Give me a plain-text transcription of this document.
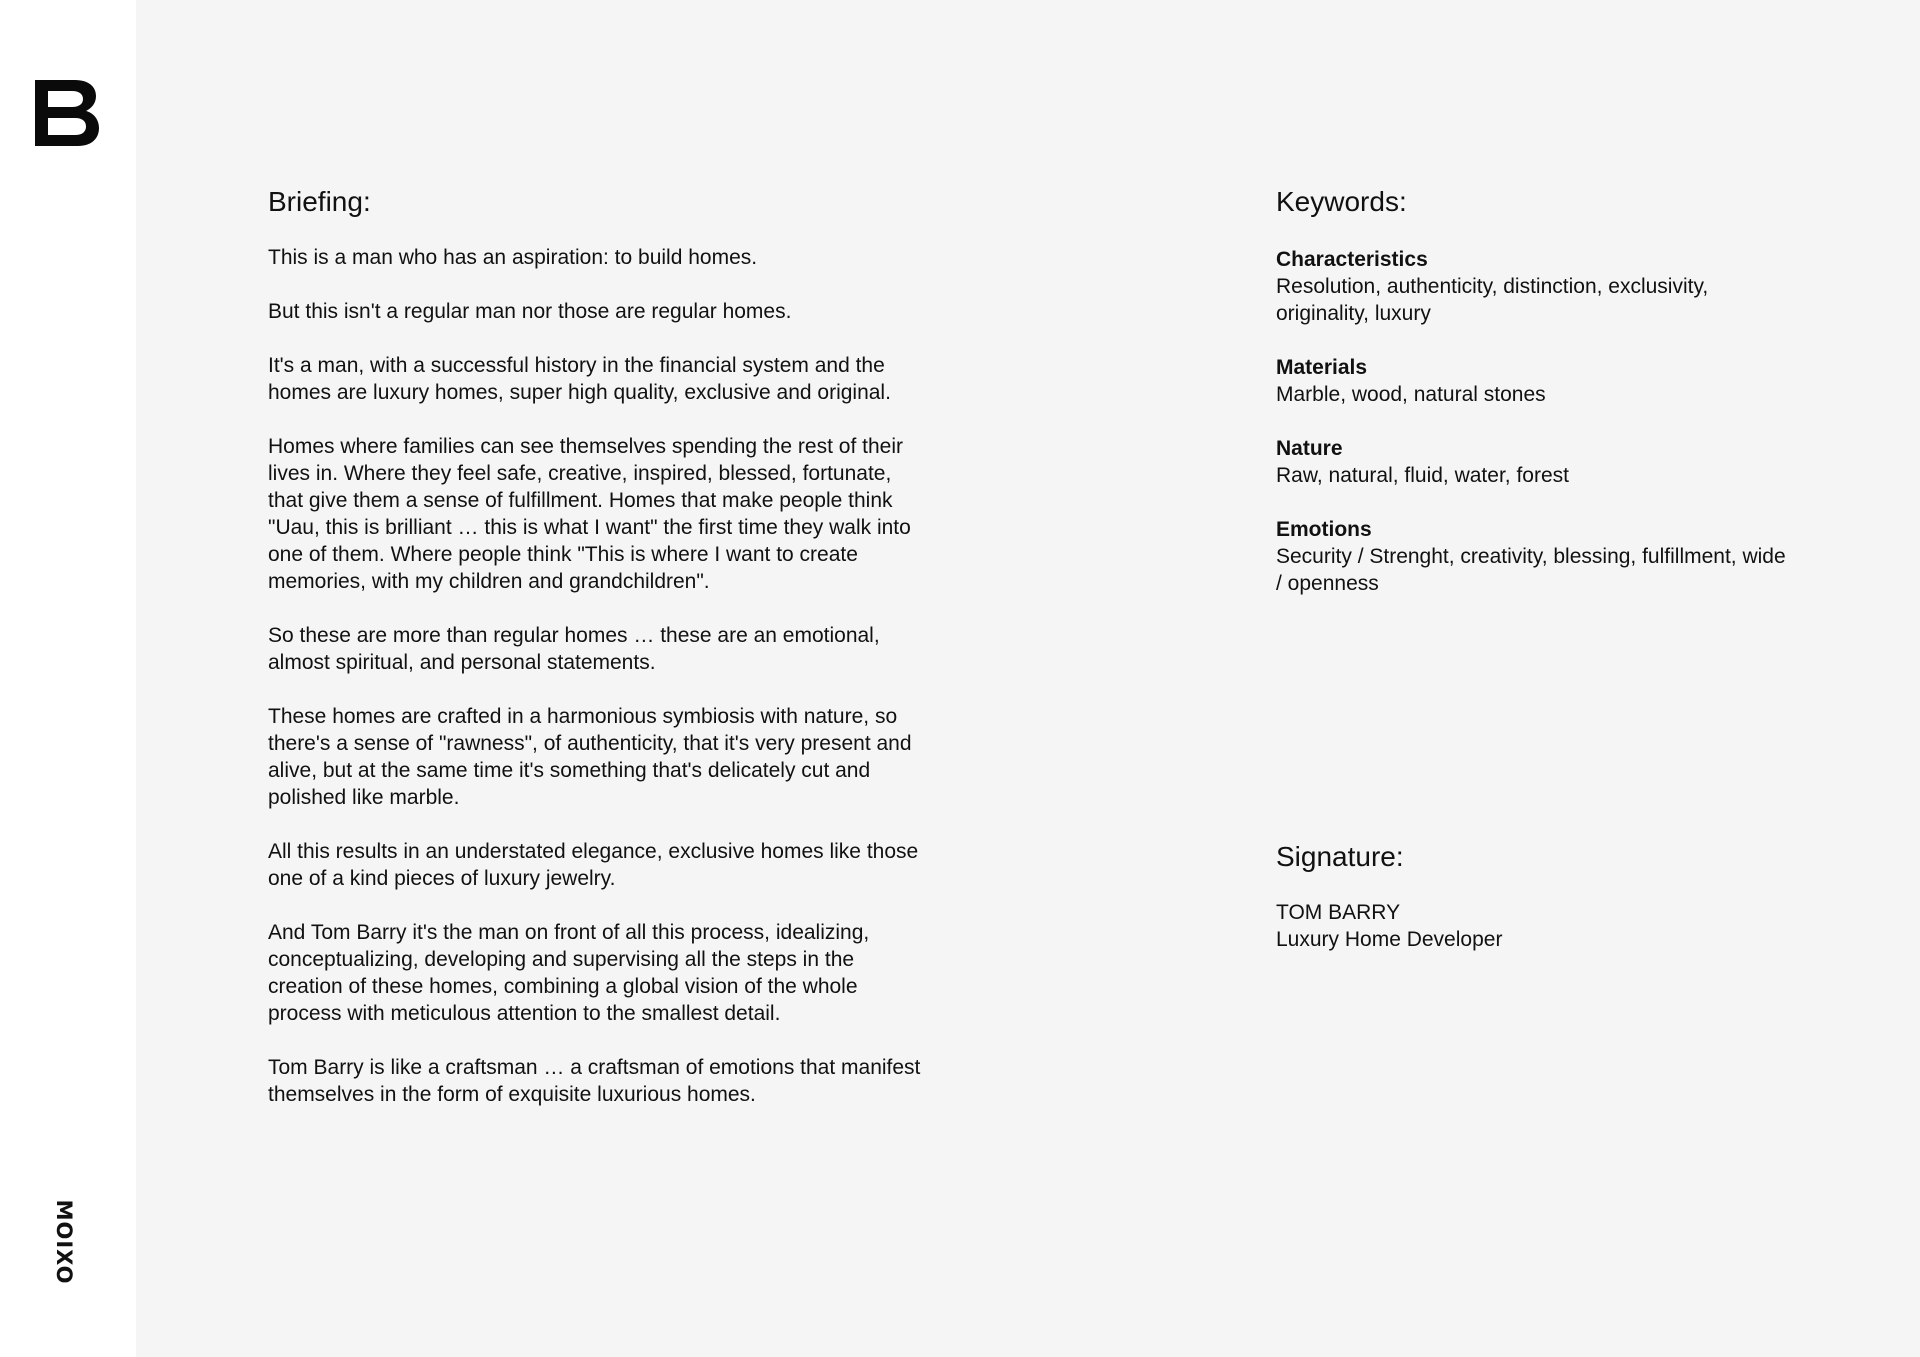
MOIXO
Briefing:

This is a man who has an aspiration: to build homes.

But this isn't a regular man nor those are regular homes.

It's a man, with a successful history in the financial system and the homes are luxury homes, super high quality, exclusive and original.

Homes where families can see themselves spending the rest of their lives in. Where they feel safe, creative, inspired, blessed, fortunate, that give them a sense of fulfillment. Homes that make people think "Uau, this is brilliant … this is what I want" the first time they walk into one of them. Where people think "This is where I want to create memories, with my children and grandchildren".

So these are more than regular homes … these are an emotional, almost spiritual, and personal statements.

These homes are crafted in a harmonious symbiosis with nature, so there's a sense of "rawness", of authenticity, that it's very present and alive, but at the same time it's something that's delicately cut and polished like marble.

All this results in an understated elegance, exclusive homes like those one of a kind pieces of luxury jewelry.

And Tom Barry it's the man on front of all this process, idealizing, conceptualizing, developing and supervising all the steps in the creation of these homes, combining a global vision of the whole process with meticulous attention to the smallest detail.

Tom Barry is like a craftsman … a craftsman of emotions that manifest themselves in the form of exquisite luxurious homes.

Keywords:
Characteristics
Resolution, authenticity, distinction, exclusivity, originality, luxury
Materials
Marble, wood, natural stones
Nature
Raw, natural, fluid, water, forest
Emotions
Security / Strenght, creativity, blessing, fulfillment, wide / openness
Signature:
TOM BARRY
Luxury Home Developer
